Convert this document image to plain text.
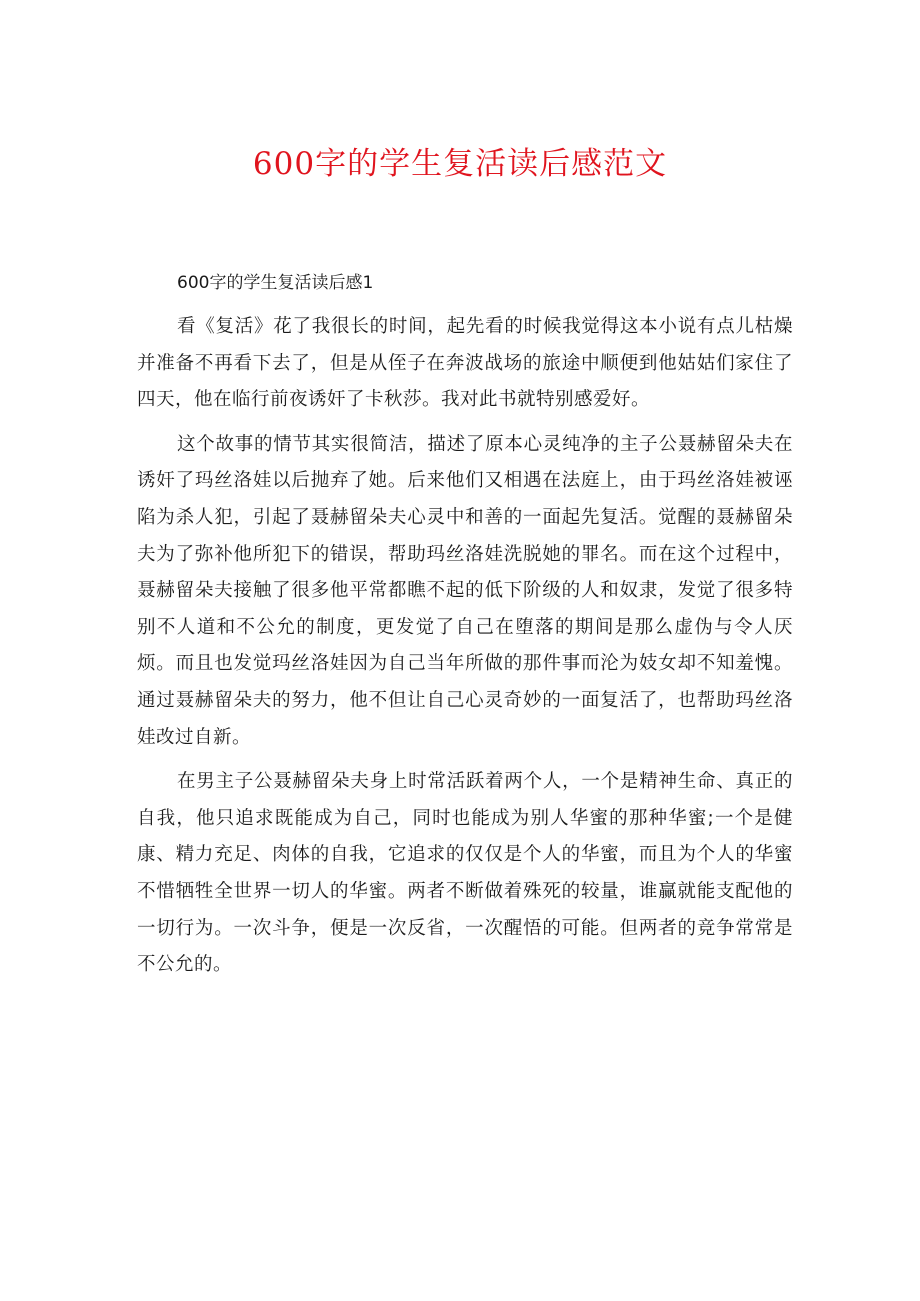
600字的学生复活读后感范文

600字的学生复活读后感1

看《复活》花了我很长的时间，起先看的时候我觉得这本小说有点儿枯燥并准备不再看下去了，但是从侄子在奔波战场的旅途中顺便到他姑姑们家住了四天，他在临行前夜诱奸了卡秋莎。我对此书就特别感爱好。

这个故事的情节其实很简洁，描述了原本心灵纯净的主子公聂赫留朵夫在诱奸了玛丝洛娃以后抛弃了她。后来他们又相遇在法庭上，由于玛丝洛娃被诬陷为杀人犯，引起了聂赫留朵夫心灵中和善的一面起先复活。觉醒的聂赫留朵夫为了弥补他所犯下的错误，帮助玛丝洛娃洗脱她的罪名。而在这个过程中，聂赫留朵夫接触了很多他平常都瞧不起的低下阶级的人和奴隶，发觉了很多特别不人道和不公允的制度，更发觉了自己在堕落的期间是那么虚伪与令人厌烦。而且也发觉玛丝洛娃因为自己当年所做的那件事而沦为妓女却不知羞愧。通过聂赫留朵夫的努力，他不但让自己心灵奇妙的一面复活了，也帮助玛丝洛娃改过自新。

在男主子公聂赫留朵夫身上时常活跃着两个人，一个是精神生命、真正的自我，他只追求既能成为自己，同时也能成为别人华蜜的那种华蜜;一个是健康、精力充足、肉体的自我，它追求的仅仅是个人的华蜜，而且为个人的华蜜不惜牺牲全世界一切人的华蜜。两者不断做着殊死的较量，谁赢就能支配他的一切行为。一次斗争，便是一次反省，一次醒悟的可能。但两者的竞争常常是不公允的。
